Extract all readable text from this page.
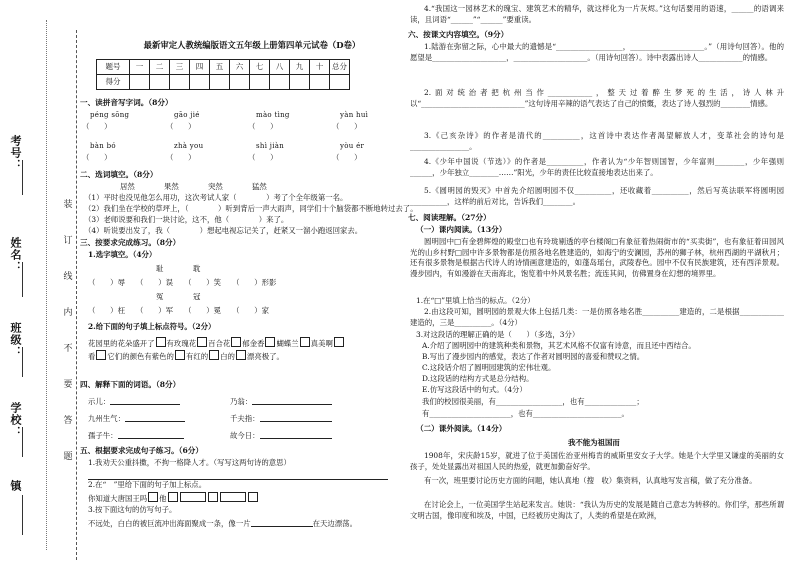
考号：
姓名：
班级：
学校：
镇
装
订
线
内
不
要
答
题
最新审定人教统编版语文五年级上册第四单元试卷（D卷）
题号	一	二	三	四	五	六	七	八	九	十	总分
得分											
一、读拼音写字词。（8分）
péng sōng	gāo jié	mào tìng	yàn huì
（　　）	（　　）	（　　）	（　　）
bàn bó	zhà you	shì jiàn	yòu ér
（　　）	（　　）	（　　）	（　　）
二、选词填空。（8分）
居然	果然	突然	猛然
（1）平时也没见他怎么用功，这次考试人家（　　　　）考了个全年级第一名。
（2）我们坐在学校的草坪上，（　　　　）听到背后一声大雨声，同学们十个脑袋都不断地转过去了。
（3）老师说要和我们一块讨论，这不，他（　　　　）来了。
（4）听说要出发了，我（　　　　）想起电视忘记关了，赶紧又一溜小跑返回家去。
三、按要求完成练习。（8分）
1.选字填空。（4分）
耻　　　　耽
（　　）辱　　（　　）误　　（　　）笑　　（　　）形影
冤　　　　冠
（　　）枉　　（　　）军　　（　　）冕　　（　　）家
2.给下面的句子填上标点符号。（2分）
花园里的花朵盛开了 有玫瑰花 百合花 郁金香 蝴蝶兰 真美啊
看 它们的颜色有紫色的 有红的 白的 漂亮极了。
四、解释下面的词语。（8分）
示儿：	乃翁：
九州生气：	千夫指：
孺子牛：	故今日：
五、根据要求完成句子练习。（6分）
1.我劝天公重抖擞，不拘一格降人才。（写写这两句诗的意思）
2.在“　”里给下面的句子加上标点。
你知道大唐国王吗 他
3.按下面这句的仿写句子。
不远处，白白的被巨流冲出海面聚成一条，像一片	在天边漂荡。
4.“我国这一园林艺术的瑰宝、建筑艺术的精华，就这样化为一片灰烬。”这句话要用的语速，______的语调来读，且词语“______”“______”要重读。
六、按课文内容填空。（9分）
1.陆游在弥留之际，心中最大的遗憾是“__________________，____________________。”（用诗句回答）。他的愿望是____________________，____________________。（用诗句回答）。诗中表露出诗人____________的情感。
2.面对统治者把杭州当作____________，整天过着醉生梦死的生活，诗人林升以“____________________________”这句诗用辛辣的语气表达了自己的愤慨，表达了诗人强烈的________情感。
3.《己亥杂诗》的作者是清代的__________，这首诗中表达作者渴望解放人才，变革社会的诗句是________________。
4.《少年中国说（节选）》的作者是__________，作者认为“少年智则国智，少年富则________，少年强则______，少年独立________……”阳光，少年的责任比较直接地表达出来了。
5.《圆明园的毁灭》中首先介绍圆明园不仅__________，还收藏着__________，然后写英法联军将圆明园__________，这样的前后对比，告诉我们________。
七、阅读理解。（27分）
（一）课内阅读。（13分）
圆明园中□有金碧辉煌的殿堂□也有玲珑剔透的亭台楼阁□有象征着热闹街市的“买卖街”，也有象征着田园风光的山乡村野□园中许多景物都是仿照各地名胜建造的，如海宁的安澜园，苏州的狮子林，杭州西湖的平湖秋月；还有很多景物是根据古代诗人的诗情画意建造的，如蓬岛瑶台，武陵春色。园中不仅有民族建筑，还有西洋景观。漫步园内，有如漫游在天南海北，饱览着中外风景名胜；流连其间，仿佛置身在幻想的境界里。
1.在“□”里填上恰当的标点。（2分）
2.由这段可知，圆明园的景观大体上包括几类：一是仿照各地名胜__________建造的，二是根据____________建造的，三是__________。（4分）
3.对这段话的理解正确的是（　　）（多选，3分）
A.介绍了圆明园中的建筑种类和景物，其艺术风格不仅富有诗意，而且还中西结合。
B.写出了漫步园内的感觉，表达了作者对圆明园的喜爱和赞叹之情。
C.这段话介绍了圆明园建筑的宏伟壮观。
D.这段话的结构方式是总分结构。
E.仿写这段话中的句式。（4分）
我们的校园很美丽，有__________________，也有______________；
有______________________，也有________________________。
（二）课外阅读。（14分）
我不能为祖国而
1908年，宋庆龄15岁，就进了位于美国佐治亚州梅肯的威斯里安女子大学。她是个大学里又谦虚的美丽的女孩子，处处显露出对祖国人民的热爱，就更加勤奋好学。
有一次，班里要讨论历史方面的问题，她认真地（搜　收）集资料，认真地写发言稿，做了充分准备。
在讨论会上，一位美国学生站起来发言。她说：“我认为历史的发展是随自己意志为转移的。你们学，那些所谓文明古国，像印度和埃及，中国，已经被历史淘汰了，人类的希望是在欧洲，
